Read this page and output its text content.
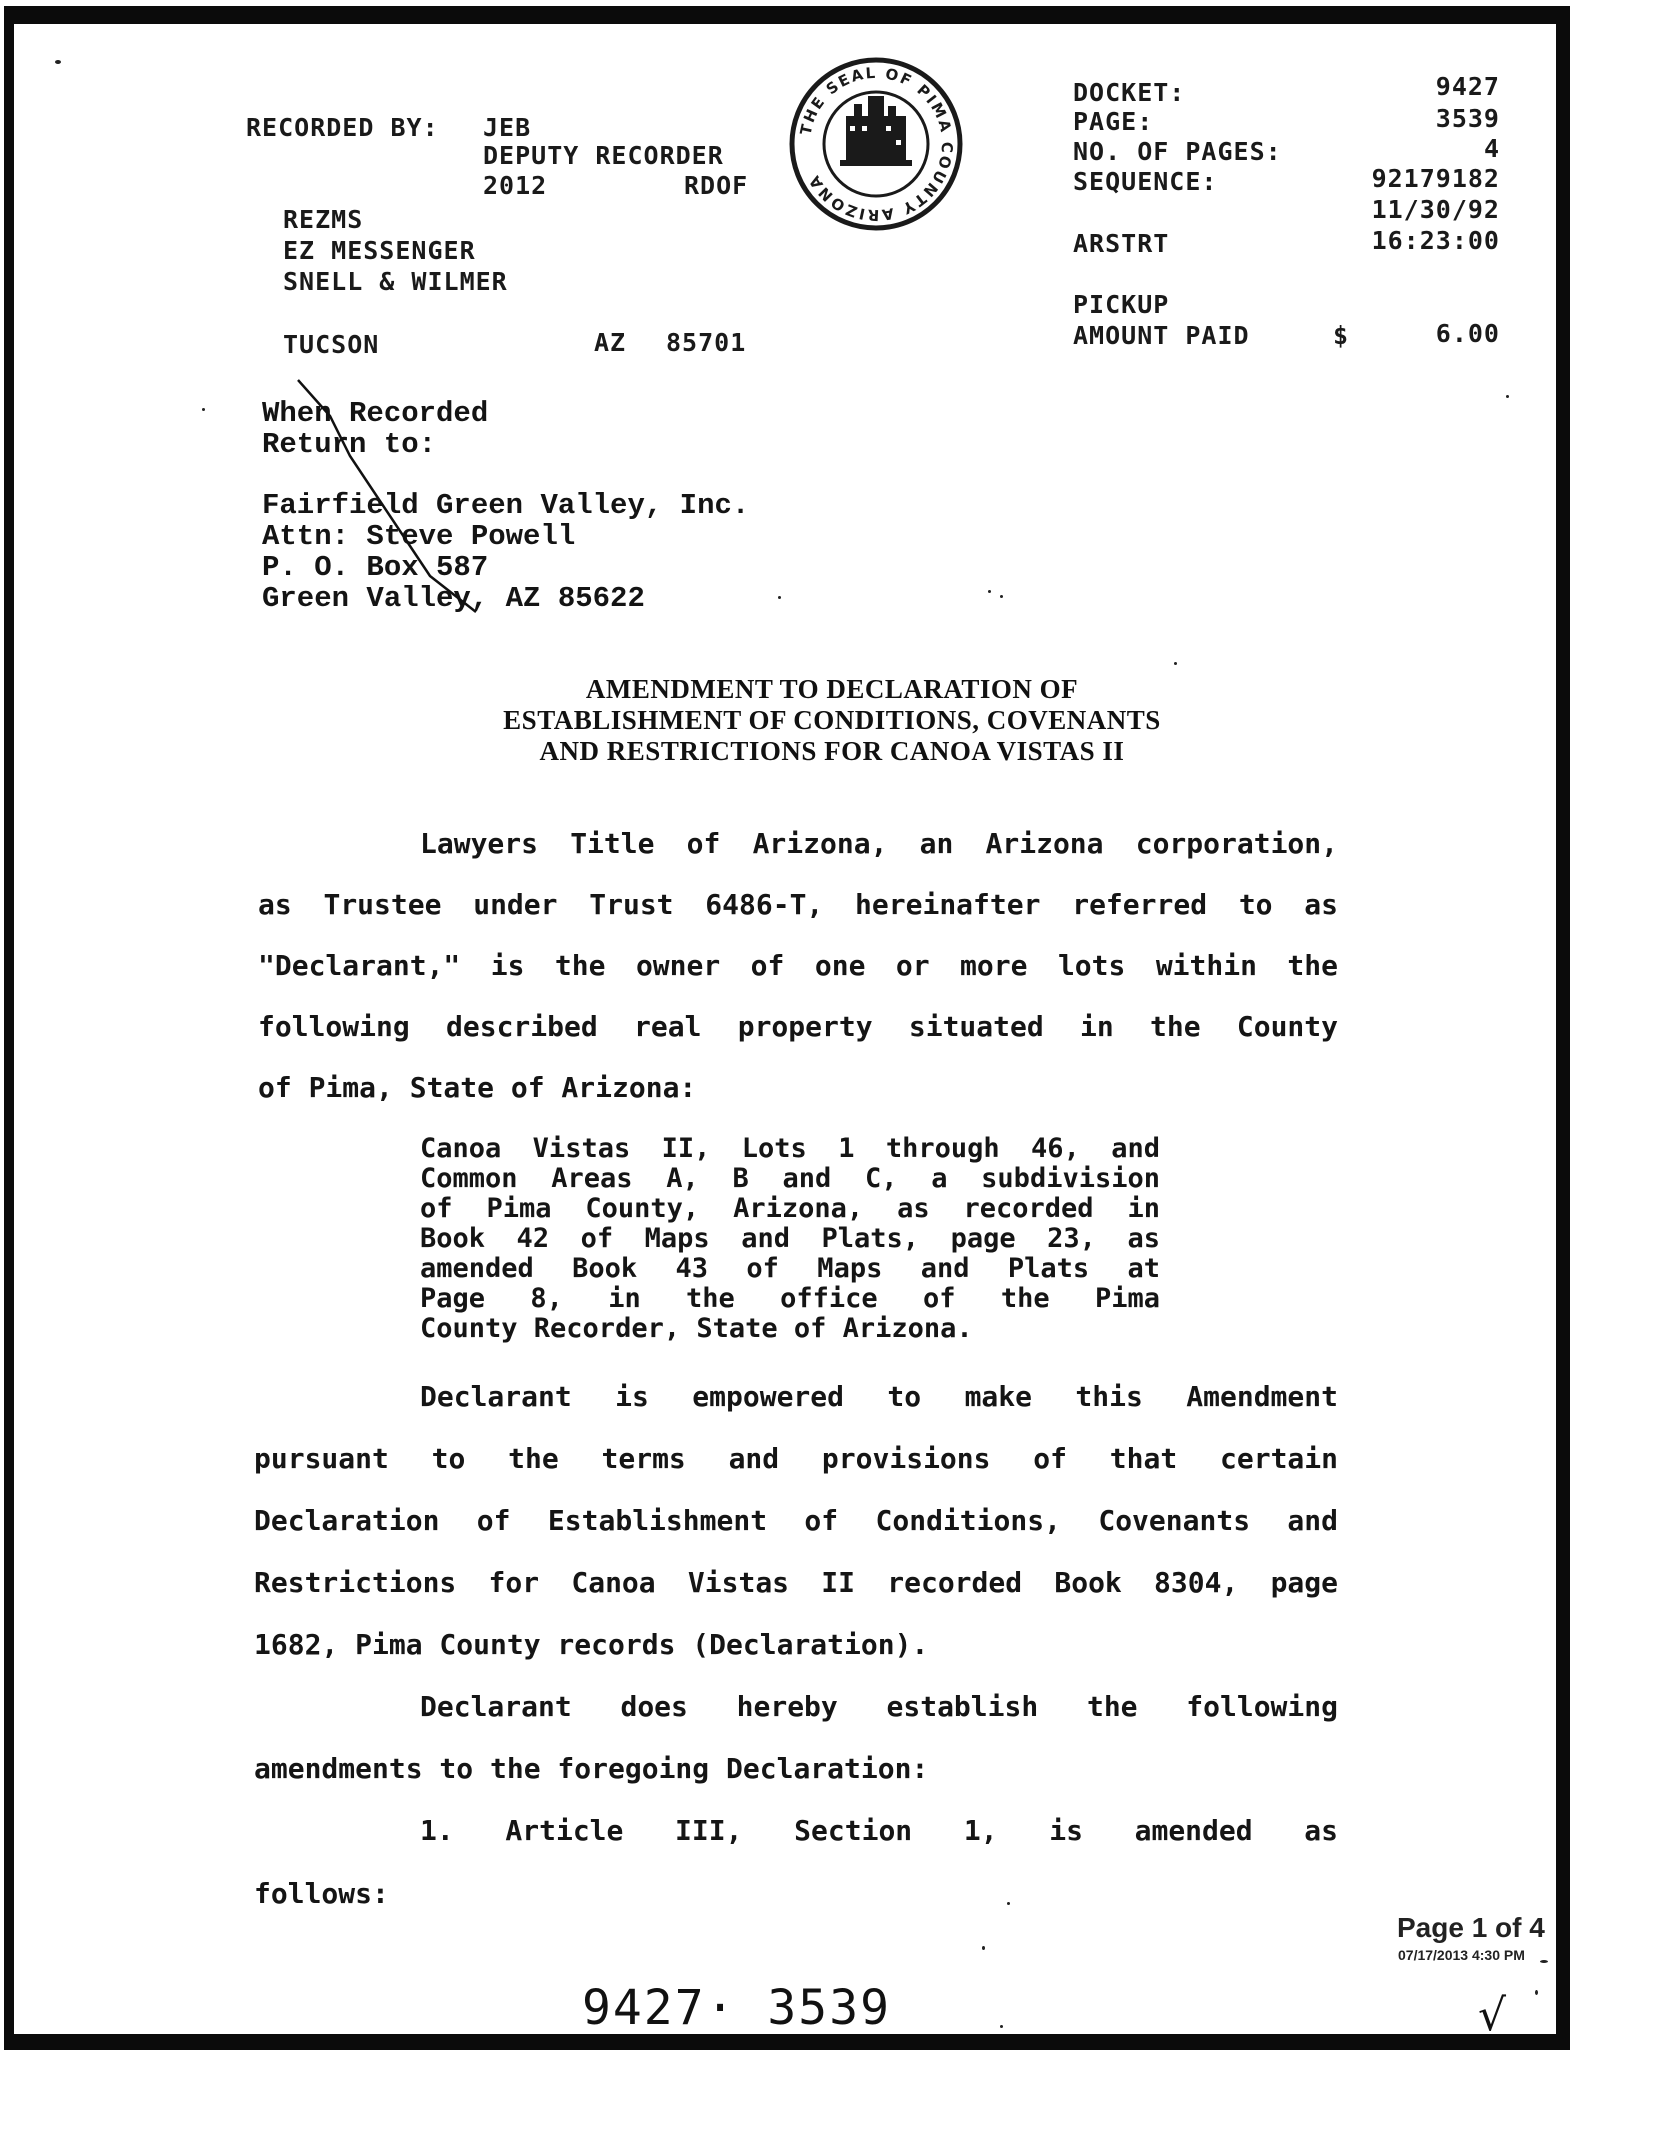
RECORDED BY: JEB
DEPUTY RECORDER
2012	RDOF
REZMS
EZ MESSENGER
SNELL & WILMER
TUCSON	AZ 85701
THE SEAL OF PIMA COUNTY ARIZONA
DOCKET:	9427
PAGE:	3539
NO. OF PAGES:	4
SEQUENCE:	92179182
11/30/92
ARSTRT	16:23:00
PICKUP
AMOUNT PAID	$	6.00
When Recorded
Return to:
Fairfield Green Valley, Inc.
Attn: Steve Powell
P. O. Box 587
Green Valley, AZ 85622
AMENDMENT TO DECLARATION OF
ESTABLISHMENT OF CONDITIONS, COVENANTS
AND RESTRICTIONS FOR CANOA VISTAS II
Lawyers Title of Arizona, an Arizona corporation,
as Trustee under Trust 6486-T, hereinafter referred to as
"Declarant," is the owner of one or more lots within the
following described real property situated in the County
of Pima, State of Arizona:
Canoa Vistas II, Lots 1 through 46, and
Common Areas A, B and C, a subdivision
of Pima County, Arizona, as recorded in
Book 42 of Maps and Plats, page 23, as
amended Book 43 of Maps and Plats at
Page 8, in the office of the Pima
County Recorder, State of Arizona.
Declarant is empowered to make this Amendment
pursuant to the terms and provisions of that certain
Declaration of Establishment of Conditions, Covenants and
Restrictions for Canoa Vistas II recorded Book 8304, page
1682, Pima County records (Declaration).
Declarant does hereby establish the following
amendments to the foregoing Declaration:
1. Article III, Section 1, is amended as
follows:
Page 1 of 4
07/17/2013 4:30 PM
9427· 3539	√
